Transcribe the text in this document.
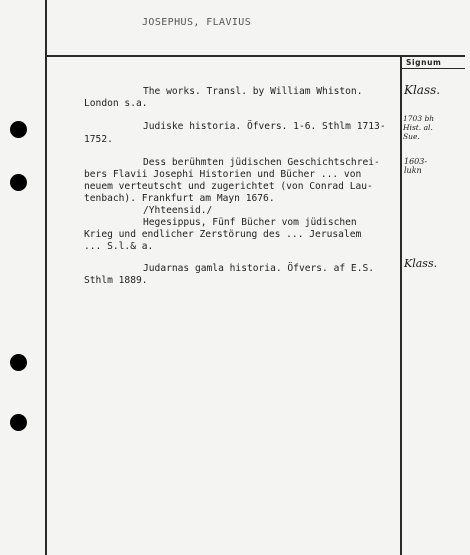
JOSEPHUS, FLAVIUS
Signum
The works. Transl. by William Whiston.
London s.a.
Judiske historia. Öfvers. 1-6. Sthlm 1713-
1752.
Dess berühmten jüdischen Geschichtschrei-
bers Flavii Josephi Historien und Bücher ... von
neuem verteutscht und zugerichtet (von Conrad Lau-
tenbach). Frankfurt am Mayn 1676.
/Yhteensid./
Hegesippus, Fünf Bücher vom jüdischen
Krieg und endlicher Zerstörung des ... Jerusalem
... S.l.& a.
Judarnas gamla historia. Öfvers. af E.S.
Sthlm 1889.
Klass.
1703 bh
Hist. al.
Sue.
1603-
lukn
Klass.
